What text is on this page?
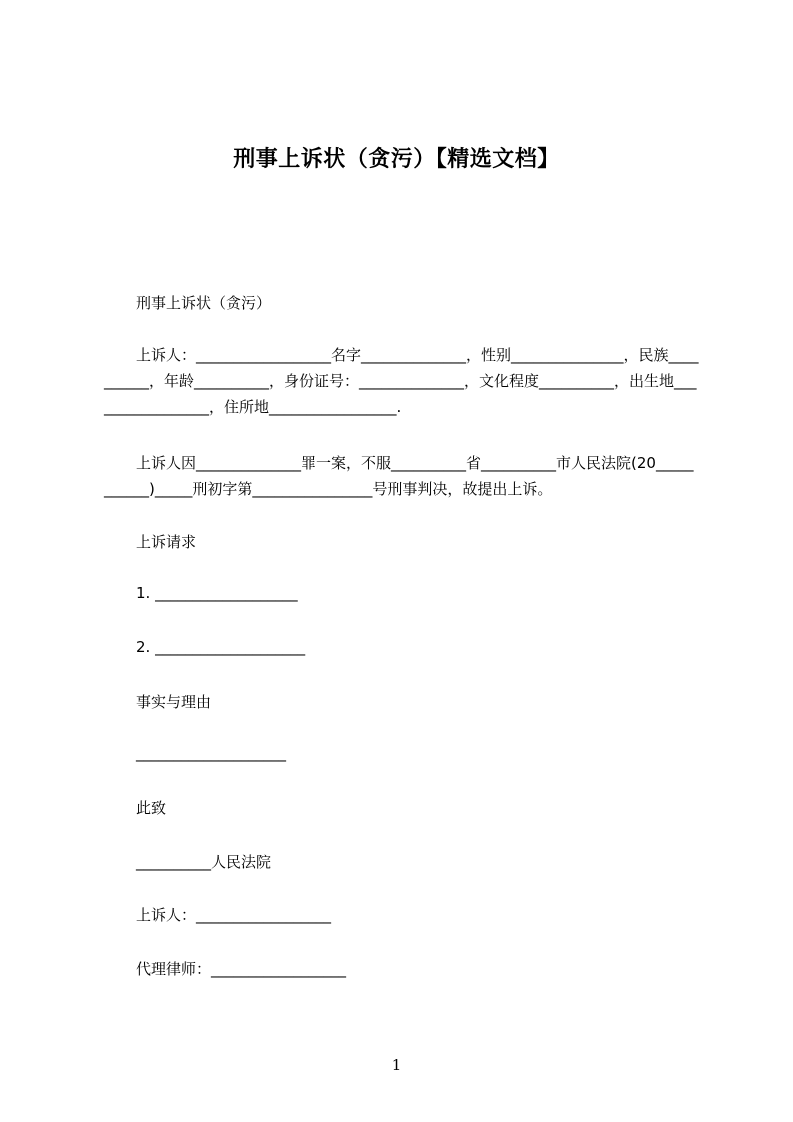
刑事上诉状（贪污）【精选文档】
刑事上诉状（贪污）
上诉人：__________________名字______________，性别_______________，民族__________，年龄__________，身份证号：______________，文化程度__________，出生地_________________，住所地_________________.
上诉人因______________罪一案，不服__________省__________市人民法院(20___________)_____刑初字第________________号刑事判决，故提出上诉。
上诉请求
1. ___________________
2. ____________________
事实与理由
____________________
此致
__________人民法院
上诉人：__________________
代理律师：__________________
1
